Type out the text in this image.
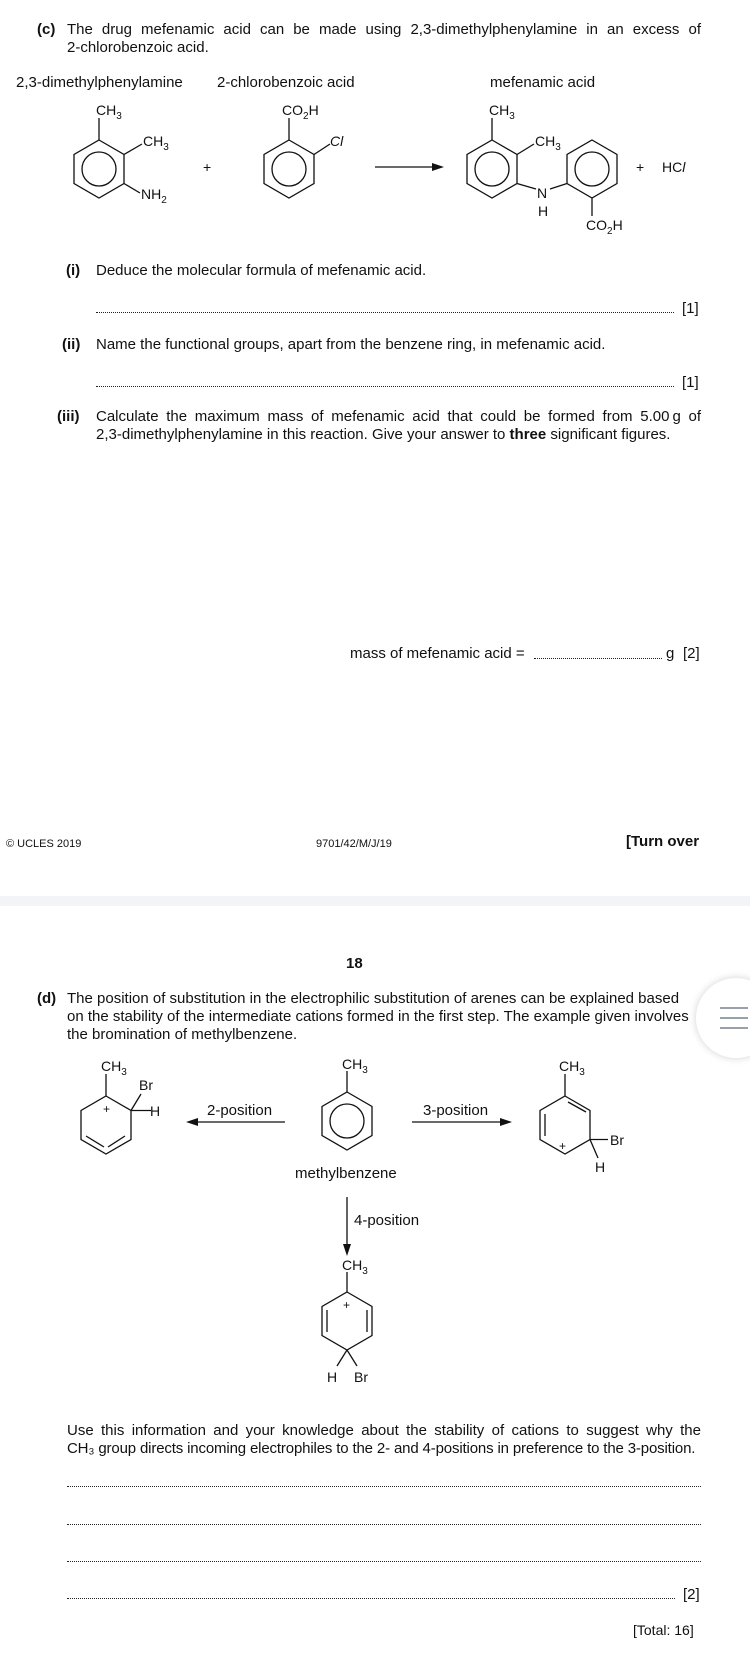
(c) The drug mefenamic acid can be made using 2,3-dimethylphenylamine in an excess of
2-chlorobenzoic acid.
2,3-dimethylphenylamine 2-chlorobenzoic acid	mefenamic acid
$CH_3$
$CH_3$
$NH_2$
+
$CO_2H$
Cl
$CH_3$
$CH_3$
N
H
$CO_2H$
+ HCl
(i) Deduce the molecular formula of mefenamic acid.
[1]
(ii) Name the functional groups, apart from the benzene ring, in mefenamic acid.
[1]
(iii) Calculate the maximum mass of mefenamic acid that could be formed from 5.00 g of
2,3-dimethylphenylamine in this reaction. Give your answer to three significant figures.
mass of mefenamic acid =	g [2]
© UCLES 2019	9701/42/M/J/19	[Turn over
18
(d) The position of substitution in the electrophilic substitution of arenes can be explained based
on the stability of the intermediate cations formed in the first step. The example given involves
the bromination of methylbenzene.
$CH_3$
Br
H
+
$CH_3$	$CH_3$
Br
H
+
$CH_3$
+
H Br
2-position	3-position
methylbenzene
4-position
Use this information and your knowledge about the stability of cations to suggest why the
CH₃ group directs incoming electrophiles to the 2- and 4-positions in preference to the 3-position.
[2]
[Total: 16]
